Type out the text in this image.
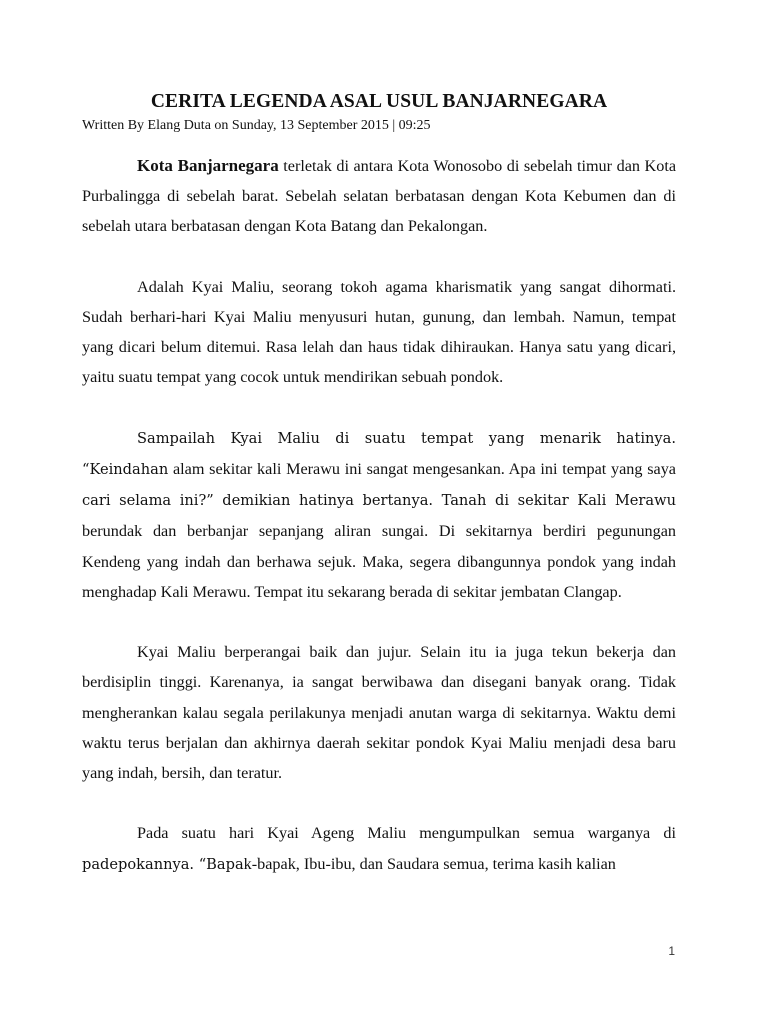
CERITA LEGENDA ASAL USUL BANJARNEGARA
Written By Elang Duta on Sunday, 13 September 2015 | 09:25

Kota Banjarnegara terletak di antara Kota Wonosobo di sebelah timur dan Kota Purbalingga di sebelah barat. Sebelah selatan berbatasan dengan Kota Kebumen dan di sebelah utara berbatasan dengan Kota Batang dan Pekalongan.

Adalah Kyai Maliu, seorang tokoh agama kharismatik yang sangat dihormati. Sudah berhari-hari Kyai Maliu menyusuri hutan, gunung, dan lembah. Namun, tempat yang dicari belum ditemui. Rasa lelah dan haus tidak dihiraukan. Hanya satu yang dicari, yaitu suatu tempat yang cocok untuk mendirikan sebuah pondok.

Sampailah Kyai Maliu di suatu tempat yang menarik hatinya. “Keindahan alam sekitar kali Merawu ini sangat mengesankan. Apa ini tempat yang saya cari selama ini?” demikian hatinya bertanya. Tanah di sekitar Kali Merawu berundak dan berbanjar sepanjang aliran sungai. Di sekitarnya berdiri pegunungan Kendeng yang indah dan berhawa sejuk. Maka, segera dibangunnya pondok yang indah menghadap Kali Merawu. Tempat itu sekarang berada di sekitar jembatan Clangap.

Kyai Maliu berperangai baik dan jujur. Selain itu ia juga tekun bekerja dan berdisiplin tinggi. Karenanya, ia sangat berwibawa dan disegani banyak orang. Tidak mengherankan kalau segala perilakunya menjadi anutan warga di sekitarnya. Waktu demi waktu terus berjalan dan akhirnya daerah sekitar pondok Kyai Maliu menjadi desa baru yang indah, bersih, dan teratur.

Pada suatu hari Kyai Ageng Maliu mengumpulkan semua warganya di padepokannya. “Bapak-bapak, Ibu-ibu, dan Saudara semua, terima kasih kalian

1
